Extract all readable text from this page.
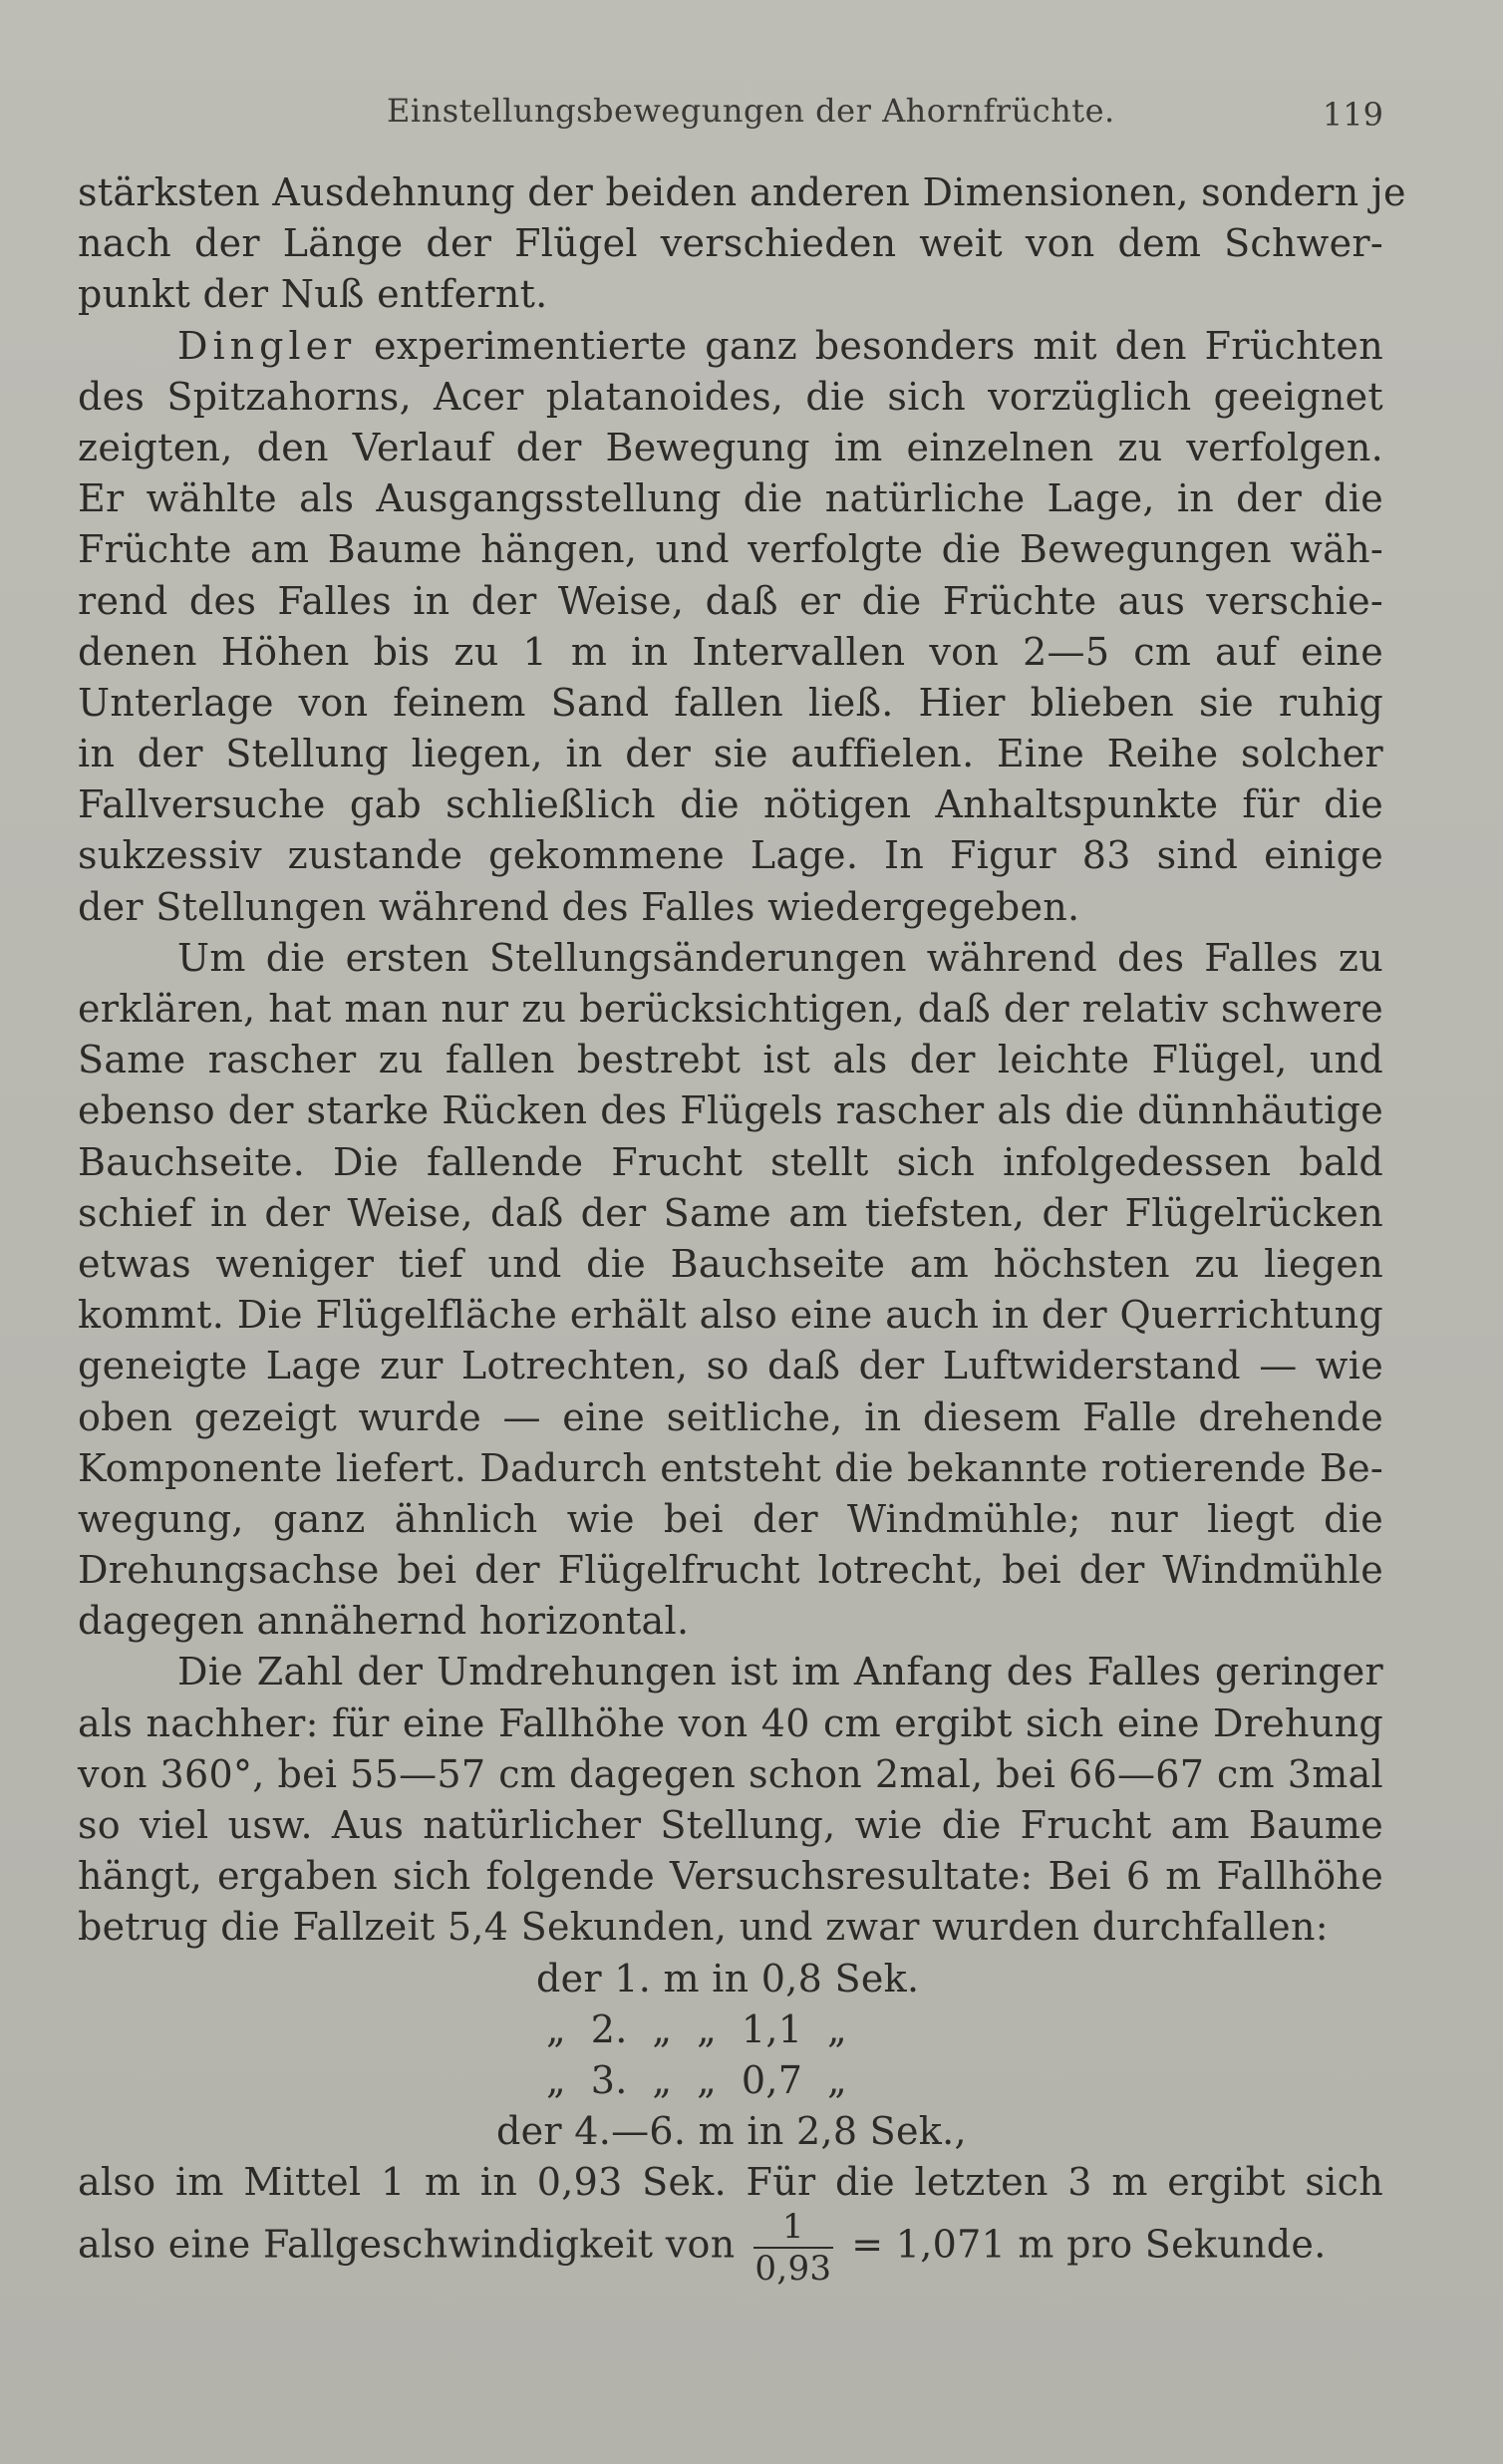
Einstellungsbewegungen der Ahornfrüchte.	119
stärksten Ausdehnung der beiden anderen Dimensionen, sondern je
nach der Länge der Flügel verschieden weit von dem Schwer-
punkt der Nuß entfernt.
Dingler experimentierte ganz besonders mit den Früchten
des Spitzahorns, Acer platanoides, die sich vorzüglich geeignet
zeigten, den Verlauf der Bewegung im einzelnen zu verfolgen.
Er wählte als Ausgangsstellung die natürliche Lage, in der die
Früchte am Baume hängen, und verfolgte die Bewegungen wäh-
rend des Falles in der Weise, daß er die Früchte aus verschie-
denen Höhen bis zu 1 m in Intervallen von 2—5 cm auf eine
Unterlage von feinem Sand fallen ließ. Hier blieben sie ruhig
in der Stellung liegen, in der sie auffielen. Eine Reihe solcher
Fallversuche gab schließlich die nötigen Anhaltspunkte für die
sukzessiv zustande gekommene Lage. In Figur 83 sind einige
der Stellungen während des Falles wiedergegeben.
Um die ersten Stellungsänderungen während des Falles zu
erklären, hat man nur zu berücksichtigen, daß der relativ schwere
Same rascher zu fallen bestrebt ist als der leichte Flügel, und
ebenso der starke Rücken des Flügels rascher als die dünnhäutige
Bauchseite. Die fallende Frucht stellt sich infolgedessen bald
schief in der Weise, daß der Same am tiefsten, der Flügelrücken
etwas weniger tief und die Bauchseite am höchsten zu liegen
kommt. Die Flügelfläche erhält also eine auch in der Querrichtung
geneigte Lage zur Lotrechten, so daß der Luftwiderstand — wie
oben gezeigt wurde — eine seitliche, in diesem Falle drehende
Komponente liefert. Dadurch entsteht die bekannte rotierende Be-
wegung, ganz ähnlich wie bei der Windmühle; nur liegt die
Drehungsachse bei der Flügelfrucht lotrecht, bei der Windmühle
dagegen annähernd horizontal.
Die Zahl der Umdrehungen ist im Anfang des Falles geringer
als nachher: für eine Fallhöhe von 40 cm ergibt sich eine Drehung
von 360°, bei 55—57 cm dagegen schon 2mal, bei 66—67 cm 3mal
so viel usw. Aus natürlicher Stellung, wie die Frucht am Baume
hängt, ergaben sich folgende Versuchsresultate: Bei 6 m Fallhöhe
betrug die Fallzeit 5,4 Sekunden, und zwar wurden durchfallen:
der 1. m in 0,8 Sek.
„  2.  „  „  1,1  „
„  3.  „  „  0,7  „
der 4.—6. m in 2,8 Sek.,
also im Mittel 1 m in 0,93 Sek. Für die letzten 3 m ergibt sich
also eine Fallgeschwindigkeit von $\frac{1}{0,93} = 1,071$ m pro Sekunde.
